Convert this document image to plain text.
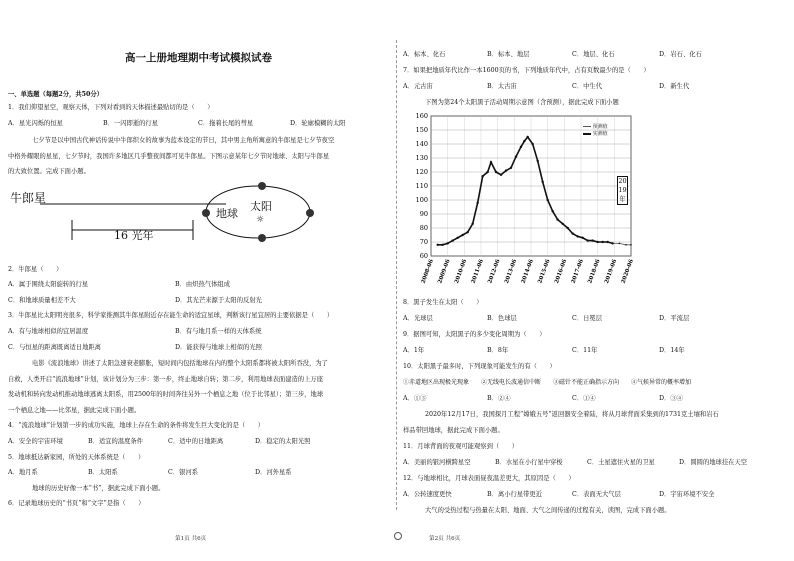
高一上册地理期中考试模拟试卷
一、单选题（每题2分，共50分）
1．我们仰望星空，观察天体，下列对看到的天体描述最贴切的是（　　）
A．星光闪烁的恒星	B．一闪即逝的行星	C．拖着长尾的彗星	D．轮廓模糊的太阳
七夕节是以中国古代神话传说中牛郎织女的故事为蓝本设定的节日，其中男主角所寓意的牛郎星是七夕节夜空
中格外耀眼的星星，七夕节时，我国许多地区几乎整夜间都可见牛郎星。下图示意某年七夕节时地球、太阳与牛郎星
的大致位置。完成下面小题。
☼
牛郎星
地球
太阳
16 光年
2．牛郎星（　　）
A．属于围绕太阳旋转的行星	B．由炽热气体组成
C．和地球质量相差不大	D．其光芒来源于太阳的反射光
3．牛郎星比太阳明亮很多，科学家推测其牛郎星附近存在能生命的适宜星球，判断该行星宜居的主要依据是（　　）
A．有与地球相似的宜居温度	B．有与地月系一样的天体系统
C．与恒星的距离既离适日地距离	D．能获得与地球上相似的光照
电影《流浪地球》讲述了太阳急速衰老膨胀，短时间内包括地球在内的整个太阳系都将被太阳所吞没，为了
自救，人类开启“流浪地球”计划，该计划分为三步：第一步，终止地球自转；第二步，利用地球表面建造的上万座
发动机和转向发动机推动地球逃离太阳系，用2500年的时间奔往另外一个栖息之地（位于比邻星）；第三步，地球
一个栖息之地——比邻星，据此完成下面小题。
4．“流浪地球”计划第一步的成功实施，地球上存在生命的条件将发生巨大变化的是（　　）
A．安全的宇宙环境	B．适宜的温度条件	C．适中的日地距离	D．稳定的太阳光照
5．地球抵达新家园，所处的天体系统是（　　）
A．地月系	B．太阳系	C．银河系	D．河外星系
地球的历史好像一本“书”，据此完成下面小题。
6．记录地球历史的“书页”和“文字”是指（　　）
第1页 共6页
A．标本、化石	B．标本、地层	C．地层、化石	D．岩石、化石
7．如果把地质年代比作一本1600页的书，下列地质年代中，占有页数最少的是（　　）
A．元古宙	B．太古宙	C．中生代	D．新生代
下图为第24个太阳黑子活动周期示意图（含预测），据此完成下面小题
60
70
80
90
100
110
120
130
140
150
160
2008-06 2009-06 2010-06 2011-06 2012-06 2013-06 2014-06 2015-06 2016-06 2017-06 2018-06 2019-06 2020-06
预测值
实测值
2019年
8．黑子发生在太阳（　　）
A．光球层	B．色球层	C．日冕层	D．平流层
9．据图可知，太阳黑子的多少变化周期为（　　）
A．1年	B．8年	C．11年	D．14年
10．太阳黑子最多时，下列现象可能发生的有（　　）
①赤道地区出现极光现象　　②无线电长波通信中断　　③磁针不能正确指示方向　　④气候异常的概率增加
A．①③	B．②④	C．①④	D．③④
2020年12月17日，我国探月工程“嫦娥五号”返回器安全着陆，将从月球背面采集到的1731克土壤和岩石
样品带回地球，据此完成下面小题。
11．月球背面的夜观可能观察到（　　）
A．美丽的银河横跨星空	B．水星在小行星中穿梭	C．土星遮住火星的卫星	D．圆圆的地球挂在天空
12．与地球相比，月球表面昼夜温差更大，其原因是（　　）
A．公转速度更快	B．离小行星带更近	C．表面无大气层	D．宇宙环境不安全
大气的受热过程与热量在太阳、地面、大气之间传递的过程有关，读图，完成下面小题。
第2页 共6页
